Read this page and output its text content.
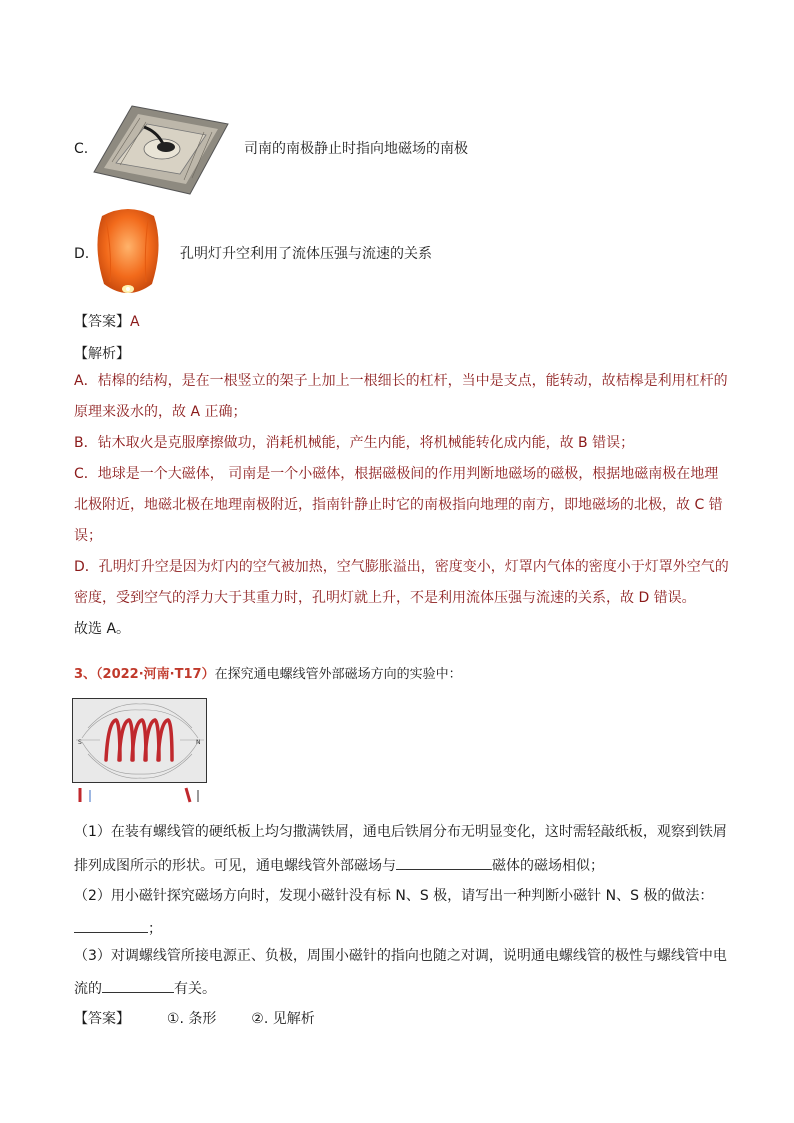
C.	司南的南极静止时指向地磁场的南极
D.	孔明灯升空利用了流体压强与流速的关系
【答案】A
【解析】
A．桔槔的结构，是在一根竖立的架子上加上一根细长的杠杆，当中是支点，能转动，故桔槔是利用杠杆的
原理来汲水的，故 A 正确；
B．钻木取火是克服摩擦做功，消耗机械能，产生内能，将机械能转化成内能，故 B 错误；
C．地球是一个大磁体， 司南是一个小磁体，根据磁极间的作用判断地磁场的磁极，根据地磁南极在地理
北极附近，地磁北极在地理南极附近，指南针静止时它的南极指向地理的南方，即地磁场的北极，故 C 错
误；
D．孔明灯升空是因为灯内的空气被加热，空气膨胀溢出，密度变小，灯罩内气体的密度小于灯罩外空气的
密度，受到空气的浮力大于其重力时，孔明灯就上升，不是利用流体压强与流速的关系，故 D 错误。
故选 A。
3、（2022·河南·T17）在探究通电螺线管外部磁场方向的实验中：
S	N
（1）在装有螺线管的硬纸板上均匀撒满铁屑，通电后铁屑分布无明显变化，这时需轻敲纸板，观察到铁屑
排列成图所示的形状。可见，通电螺线管外部磁场与	磁体的磁场相似；
（2）用小磁针探究磁场方向时，发现小磁针没有标 N、S 极，请写出一种判断小磁针 N、S 极的做法：
；
（3）对调螺线管所接电源正、负极，周围小磁针的指向也随之对调，说明通电螺线管的极性与螺线管中电
流的	有关。
【答案】	①. 条形 ②. 见解析
